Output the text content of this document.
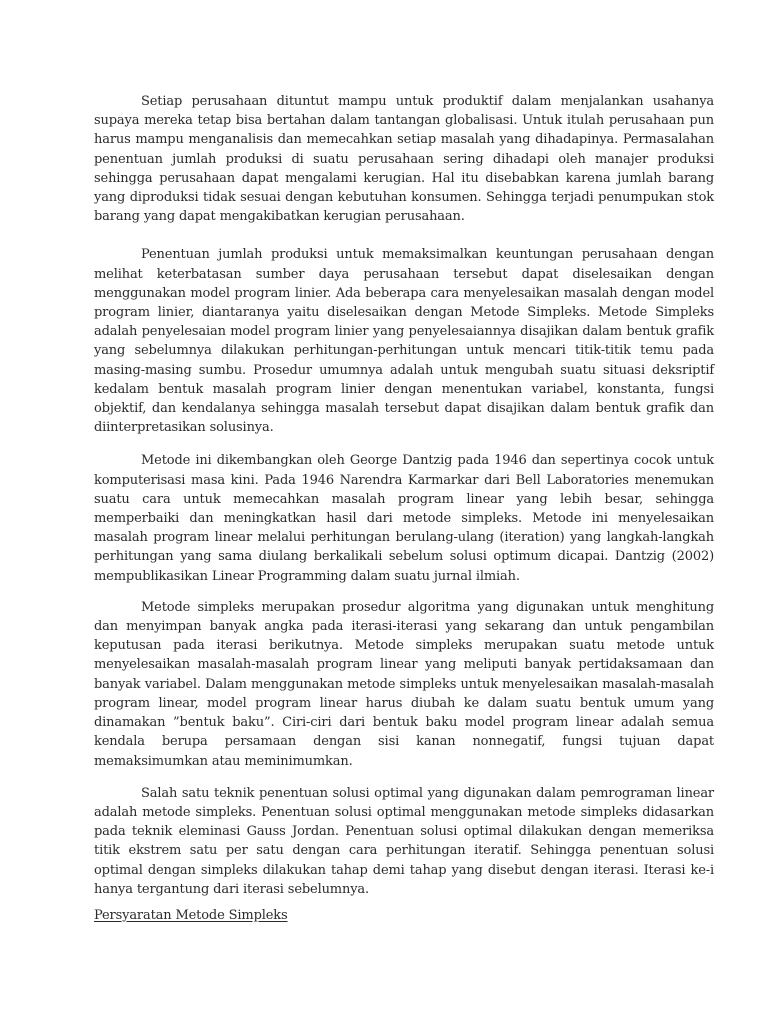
Setiap perusahaan dituntut mampu untuk produktif dalam menjalankan usahanya supaya mereka tetap bisa bertahan dalam tantangan globalisasi. Untuk itulah perusahaan pun harus mampu menganalisis dan memecahkan setiap masalah yang dihadapinya. Permasalahan penentuan jumlah produksi di suatu perusahaan sering dihadapi oleh manajer produksi sehingga perusahaan dapat mengalami kerugian. Hal itu disebabkan karena jumlah barang yang diproduksi tidak sesuai dengan kebutuhan konsumen. Sehingga terjadi penumpukan stok barang yang dapat mengakibatkan kerugian perusahaan.

Penentuan jumlah produksi untuk memaksimalkan keuntungan perusahaan dengan melihat keterbatasan sumber daya perusahaan tersebut dapat diselesaikan dengan menggunakan model program linier. Ada beberapa cara menyelesaikan masalah dengan model program linier, diantaranya yaitu diselesaikan dengan Metode Simpleks. Metode Simpleks adalah penyelesaian model program linier yang penyelesaiannya disajikan dalam bentuk grafik yang sebelumnya dilakukan perhitungan-perhitungan untuk mencari titik-titik temu pada masing-masing sumbu. Prosedur umumnya adalah untuk mengubah suatu situasi deksriptif kedalam bentuk masalah program linier dengan menentukan variabel, konstanta, fungsi objektif, dan kendalanya sehingga masalah tersebut dapat disajikan dalam bentuk grafik dan diinterpretasikan solusinya.

Metode ini dikembangkan oleh George Dantzig pada 1946 dan sepertinya cocok untuk komputerisasi masa kini. Pada 1946 Narendra Karmarkar dari Bell Laboratories menemukan suatu cara untuk memecahkan masalah program linear yang lebih besar, sehingga memperbaiki dan meningkatkan hasil dari metode simpleks. Metode ini menyelesaikan masalah program linear melalui perhitungan berulang-ulang (iteration) yang langkah-langkah perhitungan yang sama diulang berkalikali sebelum solusi optimum dicapai. Dantzig (2002) mempublikasikan Linear Programming dalam suatu jurnal ilmiah.

Metode simpleks merupakan prosedur algoritma yang digunakan untuk menghitung dan menyimpan banyak angka pada iterasi-iterasi yang sekarang dan untuk pengambilan keputusan pada iterasi berikutnya. Metode simpleks merupakan suatu metode untuk menyelesaikan masalah-masalah program linear yang meliputi banyak pertidaksamaan dan banyak variabel. Dalam menggunakan metode simpleks untuk menyelesaikan masalah-masalah program linear, model program linear harus diubah ke dalam suatu bentuk umum yang dinamakan ”bentuk baku”. Ciri-ciri dari bentuk baku model program linear adalah semua kendala berupa persamaan dengan sisi kanan nonnegatif, fungsi tujuan dapat memaksimumkan atau meminimumkan.

Salah satu teknik penentuan solusi optimal yang digunakan dalam pemrograman linear adalah metode simpleks. Penentuan solusi optimal menggunakan metode simpleks didasarkan pada teknik eleminasi Gauss Jordan. Penentuan solusi optimal dilakukan dengan memeriksa titik ekstrem satu per satu dengan cara perhitungan iteratif. Sehingga penentuan solusi optimal dengan simpleks dilakukan tahap demi tahap yang disebut dengan iterasi. Iterasi ke-i hanya tergantung dari iterasi sebelumnya.

Persyaratan Metode Simpleks
